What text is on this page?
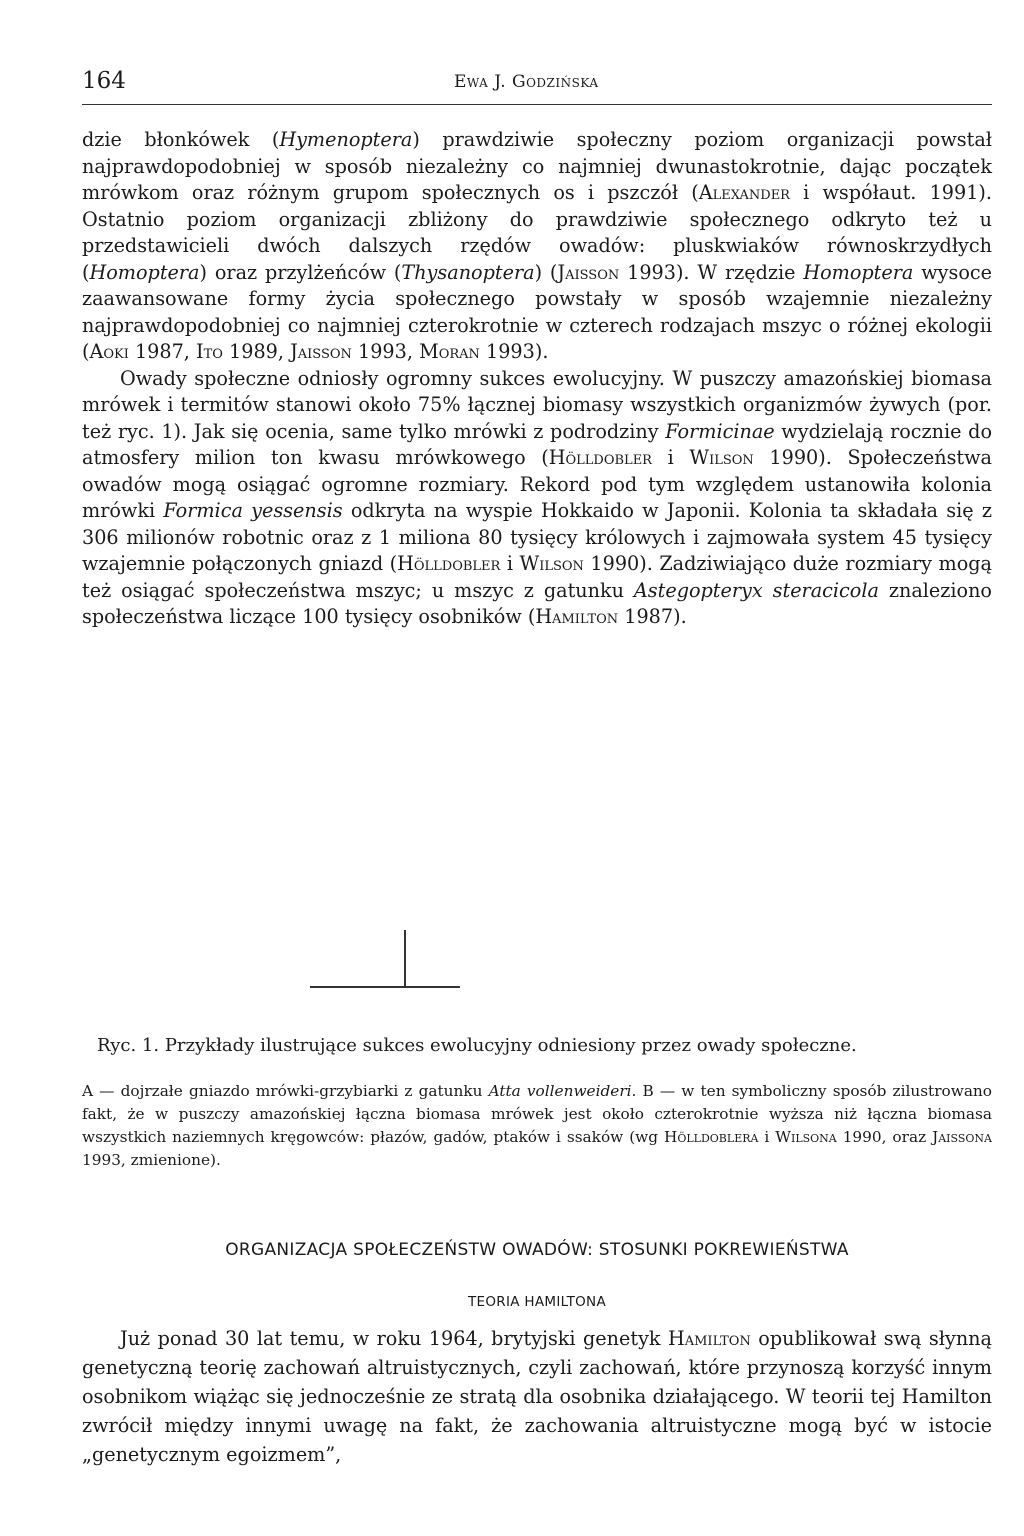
164	Ewa J. Godzińska

dzie błonkówek (Hymenoptera) prawdziwie społeczny poziom organizacji powstał najprawdopodobniej w sposób niezależny co najmniej dwunastokrotnie, dając początek mrówkom oraz różnym grupom społecznych os i pszczół (Alexander i współaut. 1991). Ostatnio poziom organizacji zbliżony do prawdziwie społecznego odkryto też u przedstawicieli dwóch dalszych rzędów owadów: pluskwiaków równoskrzydłych (Homoptera) oraz przylżeńców (Thysanoptera) (Jaisson 1993). W rzędzie Homoptera wysoce zaawansowane formy życia społecznego powstały w sposób wzajemnie niezależny najprawdopodobniej co najmniej czterokrotnie w czterech rodzajach mszyc o różnej ekologii (Aoki 1987, Ito 1989, Jaisson 1993, Moran 1993).

Owady społeczne odniosły ogromny sukces ewolucyjny. W puszczy amazońskiej biomasa mrówek i termitów stanowi około 75% łącznej biomasy wszystkich organizmów żywych (por. też ryc. 1). Jak się ocenia, same tylko mrówki z podrodziny Formicinae wydzielają rocznie do atmosfery milion ton kwasu mrówkowego (Hölldobler i Wilson 1990). Społeczeństwa owadów mogą osiągać ogromne rozmiary. Rekord pod tym względem ustanowiła kolonia mrówki Formica yessensis odkryta na wyspie Hokkaido w Japonii. Kolonia ta składała się z 306 milionów robotnic oraz z 1 miliona 80 tysięcy królowych i zajmowała system 45 tysięcy wzajemnie połączonych gniazd (Hölldobler i Wilson 1990). Zadziwiająco duże rozmiary mogą też osiągać społeczeństwa mszyc; u mszyc z gatunku Astegopteryx steracicola znaleziono społeczeństwa liczące 100 tysięcy osobników (Hamilton 1987).

Ryc. 1. Przykłady ilustrujące sukces ewolucyjny odniesiony przez owady społeczne.
A — dojrzałe gniazdo mrówki-grzybiarki z gatunku Atta vollenweideri. B — w ten symboliczny sposób zilustrowano fakt, że w puszczy amazońskiej łączna biomasa mrówek jest około czterokrotnie wyższa niż łączna biomasa wszystkich naziemnych kręgowców: płazów, gadów, ptaków i ssaków (wg Hölldoblera i Wilsona 1990, oraz Jaissona 1993, zmienione).
ORGANIZACJA SPOŁECZEŃSTW OWADÓW: STOSUNKI POKREWIEŃSTWA
TEORIA HAMILTONA

Już ponad 30 lat temu, w roku 1964, brytyjski genetyk Hamilton opublikował swą słynną genetyczną teorię zachowań altruistycznych, czyli zachowań, które przynoszą korzyść innym osobnikom wiążąc się jednocześnie ze stratą dla osobnika działającego. W teorii tej Hamilton zwrócił między innymi uwagę na fakt, że zachowania altruistyczne mogą być w istocie „genetycznym egoizmem”,
